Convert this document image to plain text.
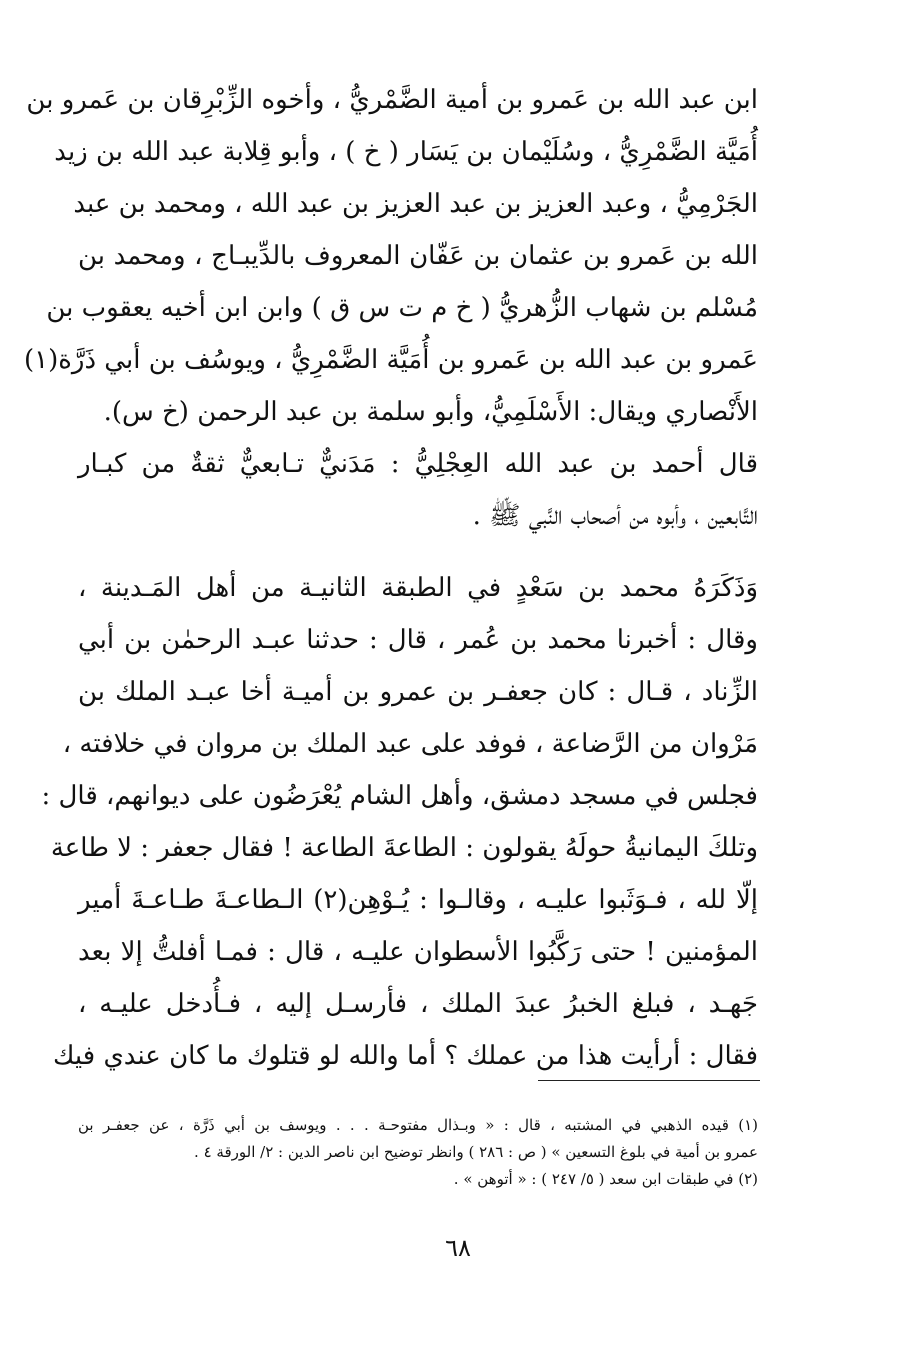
ابن عبد الله بن عَمرو بن أمية الضَّمْريُّ ، وأخوه الزِّبْرِقان بن عَمرو بن
أُمَيَّة الضَّمْرِيُّ ، وسُلَيْمان بن يَسَار ( خ ) ، وأبو قِلابة عبد الله بن زيد
الجَرْمِيُّ ، وعبد العزيز بن عبد العزيز بن عبد الله ، ومحمد بن عبد
الله بن عَمرو بن عثمان بن عَفّان المعروف بالدِّيبـاج ، ومحمد بن
مُسْلم بن شهاب الزُّهريُّ ( خ م ت س ق ) وابن ابن أخيه يعقوب بن
عَمرو بن عبد الله بن عَمرو بن أُمَيَّة الضَّمْرِيُّ ، ويوسُف بن أبي ذَرَّة(١)
الأَنْصاري ويقال: الأَسْلَمِيُّ، وأبو سلمة بن عبد الرحمن (خ س).
قال أحمد بن عبد الله العِجْلِيُّ : مَدَنيٌّ تـابعيٌّ ثقةٌ من كبـار
التَّابعين ، وأبوه من أصحاب النَّبي ﷺ .
وَذَكَرَهُ محمد بن سَعْدٍ في الطبقة الثانيـة من أهل المَـدينة ،
وقال : أخبرنا محمد بن عُمر ، قال : حدثنا عبـد الرحمٰن بن أبي
الزِّناد ، قـال : كان جعفـر بن عمرو بن أميـة أخا عبـد الملك بن
مَرْوان من الرَّضاعة ، فوفد على عبد الملك بن مروان في خلافته ،
فجلس في مسجد دمشق، وأهل الشام يُعْرَضُون على ديوانهم، قال :
وتلكَ اليمانيةُ حولَهُ يقولون : الطاعةَ الطاعة ! فقال جعفر : لا طاعة
إلّا لله ، فـوَثَبوا عليـه ، وقالـوا : يُـوْهِن(٢) الـطاعـةَ طـاعـةَ أمير
المؤمنين ! حتى رَكَّبُوا الأسطوان عليـه ، قال : فمـا أفلتُّ إلا بعد
جَهـد ، فبلغ الخبرُ عبدَ الملك ، فأرسـل إليه ، فـأُدخل عليـه ،
فقال : أرأيت هذا من عملك ؟ أما والله لو قتلوك ما كان عندي فيك
(١) قيده الذهبي في المشتبه ، قال : « وبـذال مفتوحـة . . . ويوسف بن أبي ذَرَّة ، عن جعفـر بن
عمرو بن أمية في بلوغ التسعين » ( ص : ٢٨٦ ) وانظر توضيح ابن ناصر الدين : ٢/ الورقة ٤ .
(٢) في طبقات ابن سعد ( ٥/ ٢٤٧ ) : « أتوهن » .
٦٨
